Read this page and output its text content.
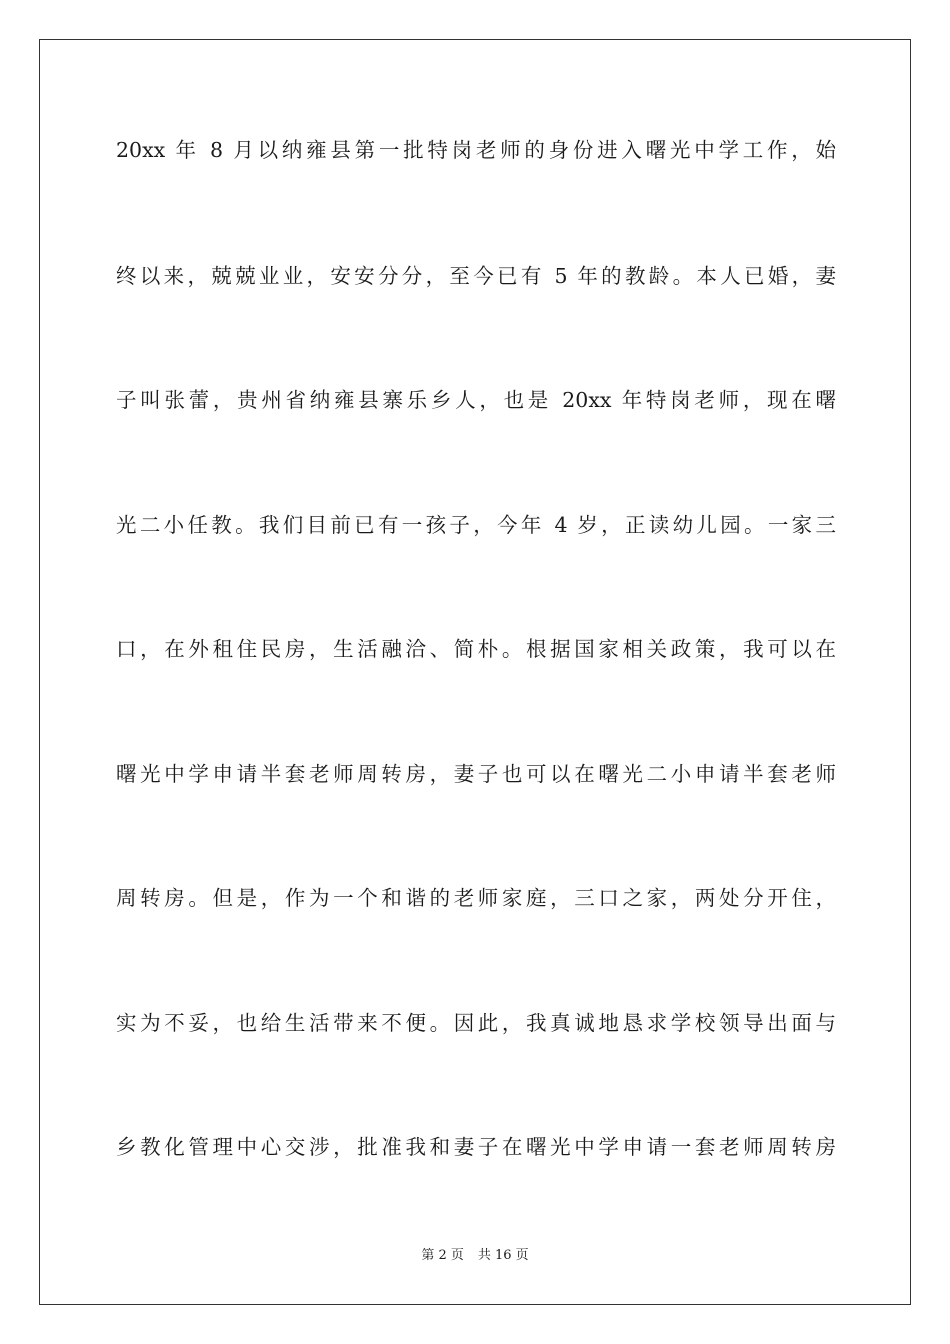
20xx 年 8 月以纳雍县第一批特岗老师的身份进入曙光中学工作，始
终以来，兢兢业业，安安分分，至今已有 5 年的教龄。本人已婚，妻
子叫张蕾，贵州省纳雍县寨乐乡人，也是 20xx 年特岗老师，现在曙
光二小任教。我们目前已有一孩子，今年 4 岁，正读幼儿园。一家三
口，在外租住民房，生活融洽、简朴。根据国家相关政策，我可以在
曙光中学申请半套老师周转房，妻子也可以在曙光二小申请半套老师
周转房。但是，作为一个和谐的老师家庭，三口之家，两处分开住，
实为不妥，也给生活带来不便。因此，我真诚地恳求学校领导出面与
乡教化管理中心交涉，批准我和妻子在曙光中学申请一套老师周转房
第 2 页 共 16 页
